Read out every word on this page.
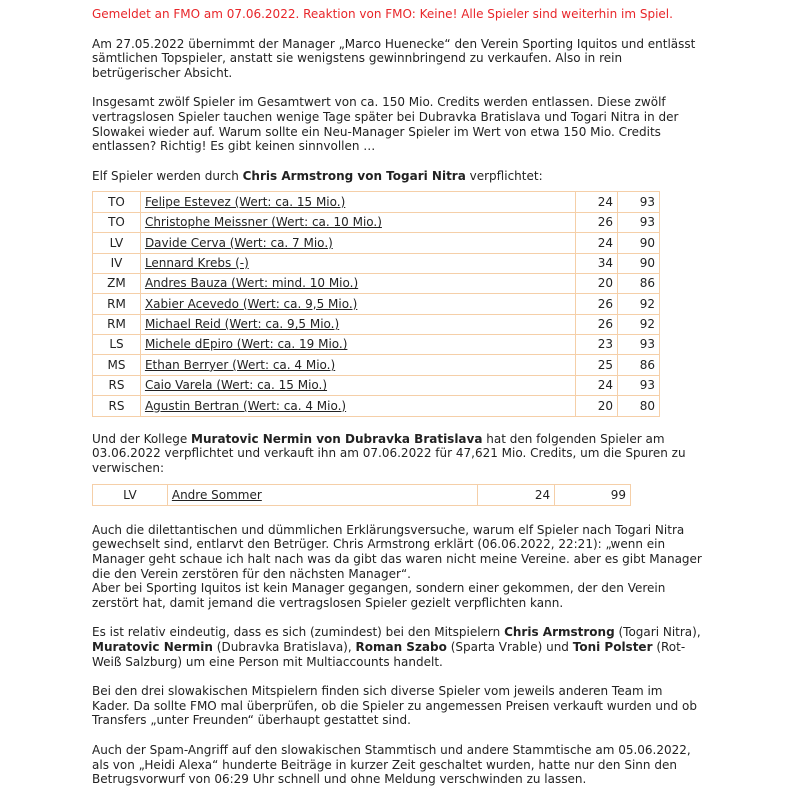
Gemeldet an FMO am 07.06.2022. Reaktion von FMO: Keine! Alle Spieler sind weiterhin im Spiel.

Am 27.05.2022 übernimmt der Manager „Marco Huenecke“ den Verein Sporting Iquitos und entlässt sämtlichen Topspieler, anstatt sie wenigstens gewinnbringend zu verkaufen. Also in rein betrügerischer Absicht.

Insgesamt zwölf Spieler im Gesamtwert von ca. 150 Mio. Credits werden entlassen. Diese zwölf vertragslosen Spieler tauchen wenige Tage später bei Dubravka Bratislava und Togari Nitra in der Slowakei wieder auf. Warum sollte ein Neu-Manager Spieler im Wert von etwa 150 Mio. Credits entlassen? Richtig! Es gibt keinen sinnvollen …

Elf Spieler werden durch Chris Armstrong von Togari Nitra verpflichtet:

TO	Felipe Estevez (Wert: ca. 15 Mio.)	24	93
TO	Christophe Meissner (Wert: ca. 10 Mio.)	26	93
LV	Davide Cerva (Wert: ca. 7 Mio.)	24	90
IV	Lennard Krebs (-)	34	90
ZM	Andres Bauza (Wert: mind. 10 Mio.)	20	86
RM	Xabier Acevedo (Wert: ca. 9,5 Mio.)	26	92
RM	Michael Reid (Wert: ca. 9,5 Mio.)	26	92
LS	Michele dEpiro (Wert: ca. 19 Mio.)	23	93
MS	Ethan Berryer (Wert: ca. 4 Mio.)	25	86
RS	Caio Varela (Wert: ca. 15 Mio.)	24	93
RS	Agustin Bertran (Wert: ca. 4 Mio.)	20	80

Und der Kollege Muratovic Nermin von Dubravka Bratislava hat den folgenden Spieler am 03.06.2022 verpflichtet und verkauft ihn am 07.06.2022 für 47,621 Mio. Credits, um die Spuren zu verwischen:

LV	Andre Sommer	24	99

Auch die dilettantischen und dümmlichen Erklärungsversuche, warum elf Spieler nach Togari Nitra gewechselt sind, entlarvt den Betrüger. Chris Armstrong erklärt (06.06.2022, 22:21): „wenn ein Manager geht schaue ich halt nach was da gibt das waren nicht meine Vereine. aber es gibt Manager die den Verein zerstören für den nächsten Manager“.

Aber bei Sporting Iquitos ist kein Manager gegangen, sondern einer gekommen, der den Verein zerstört hat, damit jemand die vertragslosen Spieler gezielt verpflichten kann.

Es ist relativ eindeutig, dass es sich (zumindest) bei den Mitspielern Chris Armstrong (Togari Nitra), Muratovic Nermin (Dubravka Bratislava), Roman Szabo (Sparta Vrable) und Toni Polster (Rot-Weiß Salzburg) um eine Person mit Multiaccounts handelt.

Bei den drei slowakischen Mitspielern finden sich diverse Spieler vom jeweils anderen Team im Kader. Da sollte FMO mal überprüfen, ob die Spieler zu angemessen Preisen verkauft wurden und ob Transfers „unter Freunden“ überhaupt gestattet sind.

Auch der Spam-Angriff auf den slowakischen Stammtisch und andere Stammtische am 05.06.2022, als von „Heidi Alexa“ hunderte Beiträge in kurzer Zeit geschaltet wurden, hatte nur den Sinn den Betrugsvorwurf von 06:29 Uhr schnell und ohne Meldung verschwinden zu lassen.
